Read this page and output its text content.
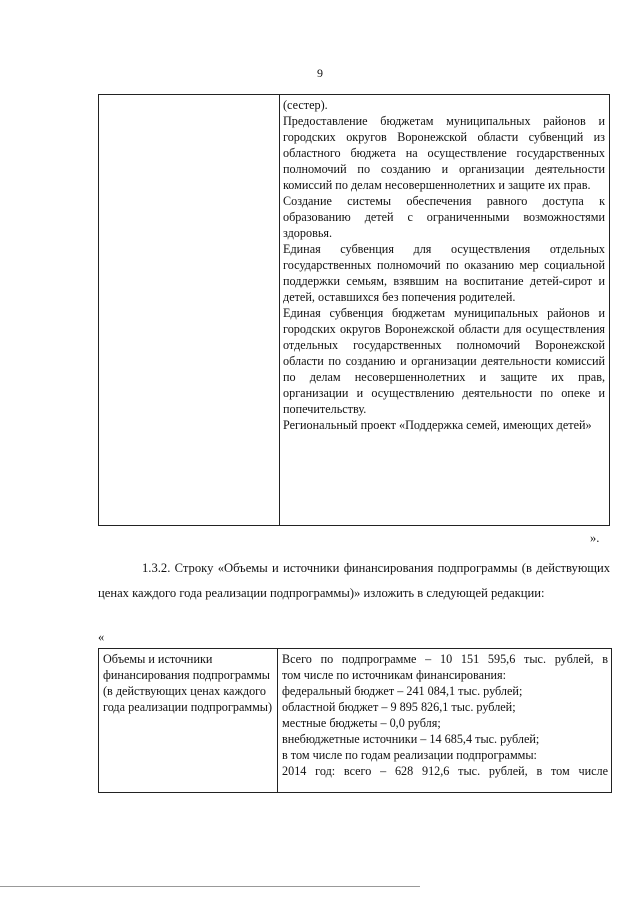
9

(сестер).

Предоставление бюджетам муниципальных районов и городских округов Воронежской области субвенций из областного бюджета на осуществление государственных полномочий по созданию и организации деятельности комиссий по делам несовершеннолетних и защите их прав.

Создание системы обеспечения равного доступа к образованию детей с ограниченными возможностями здоровья.

Единая субвенция для осуществления отдельных государственных полномочий по оказанию мер социальной поддержки семьям, взявшим на воспитание детей-сирот и детей, оставшихся без попечения родителей.

Единая субвенция бюджетам муниципальных районов и городских округов Воронежской области для осуществления отдельных государственных полномочий Воронежской области по созданию и организации деятельности комиссий по делам несовершеннолетних и защите их прав, организации и осуществлению деятельности по опеке и попечительству.

Региональный проект «Поддержка семей, имеющих детей»

».

1.3.2. Строку «Объемы и источники финансирования подпрограммы (в действующих ценах каждого года реализации подпрограммы)» изложить в следующей редакции:

«
Объемы и источники финансирования подпрограммы (в действующих ценах каждого года реализации подпрограммы)

Всего по подпрограмме – 10 151 595,6 тыс. рублей, в

том числе по источникам финансирования:

федеральный бюджет – 241 084,1 тыс. рублей;

областной бюджет – 9 895 826,1 тыс. рублей;

местные бюджеты – 0,0 рубля;

внебюджетные источники – 14 685,4 тыс. рублей;

в том числе по годам реализации подпрограммы:

2014 год: всего – 628 912,6 тыс. рублей, в том числе
